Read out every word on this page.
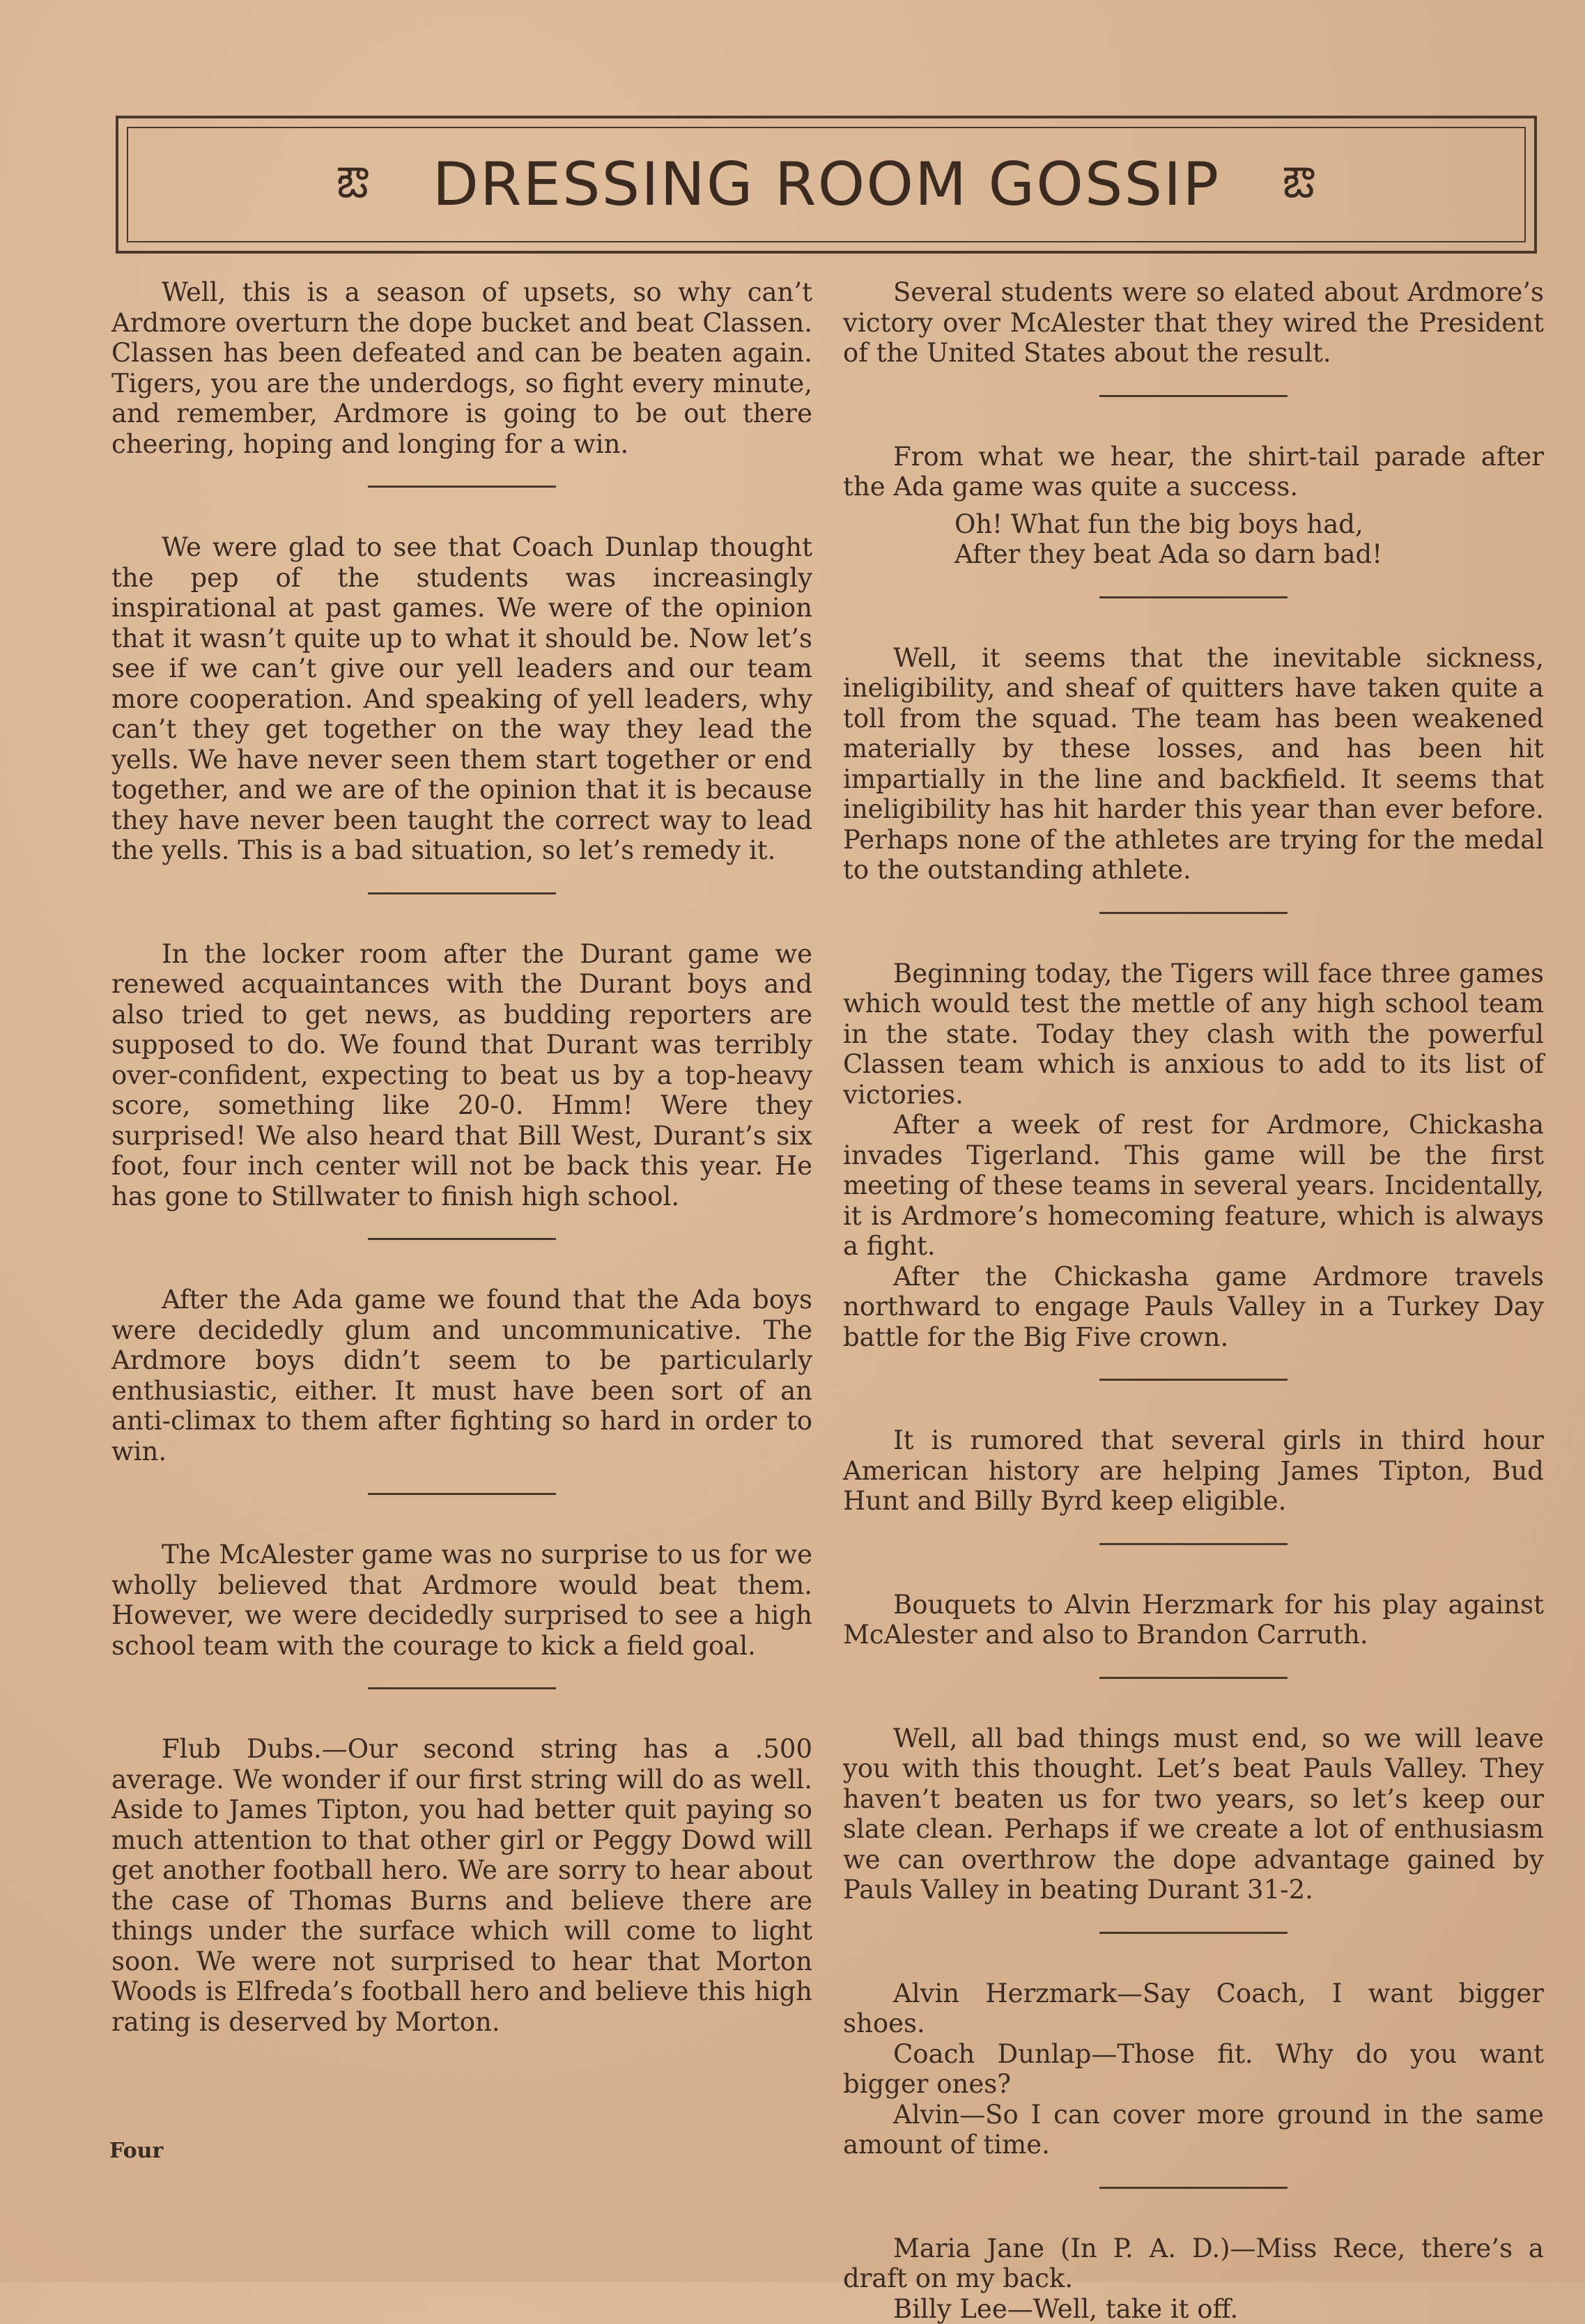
ఔ DRESSING ROOM GOSSIP ఔ

Well, this is a season of upsets, so why can’t Ardmore overturn the dope bucket and beat Classen. Classen has been defeated and can be beaten again. Tigers, you are the underdogs, so fight every minute, and remember, Ardmore is going to be out there cheering, hoping and longing for a win.

We were glad to see that Coach Dunlap thought the pep of the students was increasingly inspirational at past games. We were of the opinion that it wasn’t quite up to what it should be. Now let’s see if we can’t give our yell leaders and our team more cooperation. And speaking of yell leaders, why can’t they get together on the way they lead the yells. We have never seen them start together or end together, and we are of the opinion that it is because they have never been taught the correct way to lead the yells. This is a bad situation, so let’s remedy it.

In the locker room after the Durant game we renewed acquaintances with the Durant boys and also tried to get news, as budding reporters are supposed to do. We found that Durant was terribly over-confident, expecting to beat us by a top-heavy score, something like 20-0. Hmm! Were they surprised! We also heard that Bill West, Durant’s six foot, four inch center will not be back this year. He has gone to Stillwater to finish high school.

After the Ada game we found that the Ada boys were decidedly glum and uncommunicative. The Ardmore boys didn’t seem to be particularly enthusiastic, either. It must have been sort of an anti-climax to them after fighting so hard in order to win.

The McAlester game was no surprise to us for we wholly believed that Ardmore would beat them. However, we were decidedly surprised to see a high school team with the courage to kick a field goal.

Flub Dubs.—Our second string has a .500 average. We wonder if our first string will do as well. Aside to James Tipton, you had better quit paying so much attention to that other girl or Peggy Dowd will get another football hero. We are sorry to hear about the case of Thomas Burns and believe there are things under the surface which will come to light soon. We were not surprised to hear that Morton Woods is Elfreda’s football hero and believe this high rating is deserved by Morton.

Several students were so elated about Ardmore’s victory over McAlester that they wired the President of the United States about the result.

From what we hear, the shirt-tail parade after the Ada game was quite a success.

Oh! What fun the big boys had,

After they beat Ada so darn bad!

Well, it seems that the inevitable sickness, ineligibility, and sheaf of quitters have taken quite a toll from the squad. The team has been weakened materially by these losses, and has been hit impartially in the line and backfield. It seems that ineligibility has hit harder this year than ever before. Perhaps none of the athletes are trying for the medal to the outstanding athlete.

Beginning today, the Tigers will face three games which would test the mettle of any high school team in the state. Today they clash with the powerful Classen team which is anxious to add to its list of victories.

After a week of rest for Ardmore, Chickasha invades Tigerland. This game will be the first meeting of these teams in several years. Incidentally, it is Ardmore’s homecoming feature, which is always a fight.

After the Chickasha game Ardmore travels northward to engage Pauls Valley in a Turkey Day battle for the Big Five crown.

It is rumored that several girls in third hour American history are helping James Tipton, Bud Hunt and Billy Byrd keep eligible.

Bouquets to Alvin Herzmark for his play against McAlester and also to Brandon Carruth.

Well, all bad things must end, so we will leave you with this thought. Let’s beat Pauls Valley. They haven’t beaten us for two years, so let’s keep our slate clean. Perhaps if we create a lot of enthusiasm we can overthrow the dope advantage gained by Pauls Valley in beating Durant 31-2.

Alvin Herzmark—Say Coach, I want bigger shoes.

Coach Dunlap—Those fit. Why do you want bigger ones?

Alvin—So I can cover more ground in the same amount of time.

Maria Jane (In P. A. D.)—Miss Rece, there’s a draft on my back.

Billy Lee—Well, take it off.

Four
